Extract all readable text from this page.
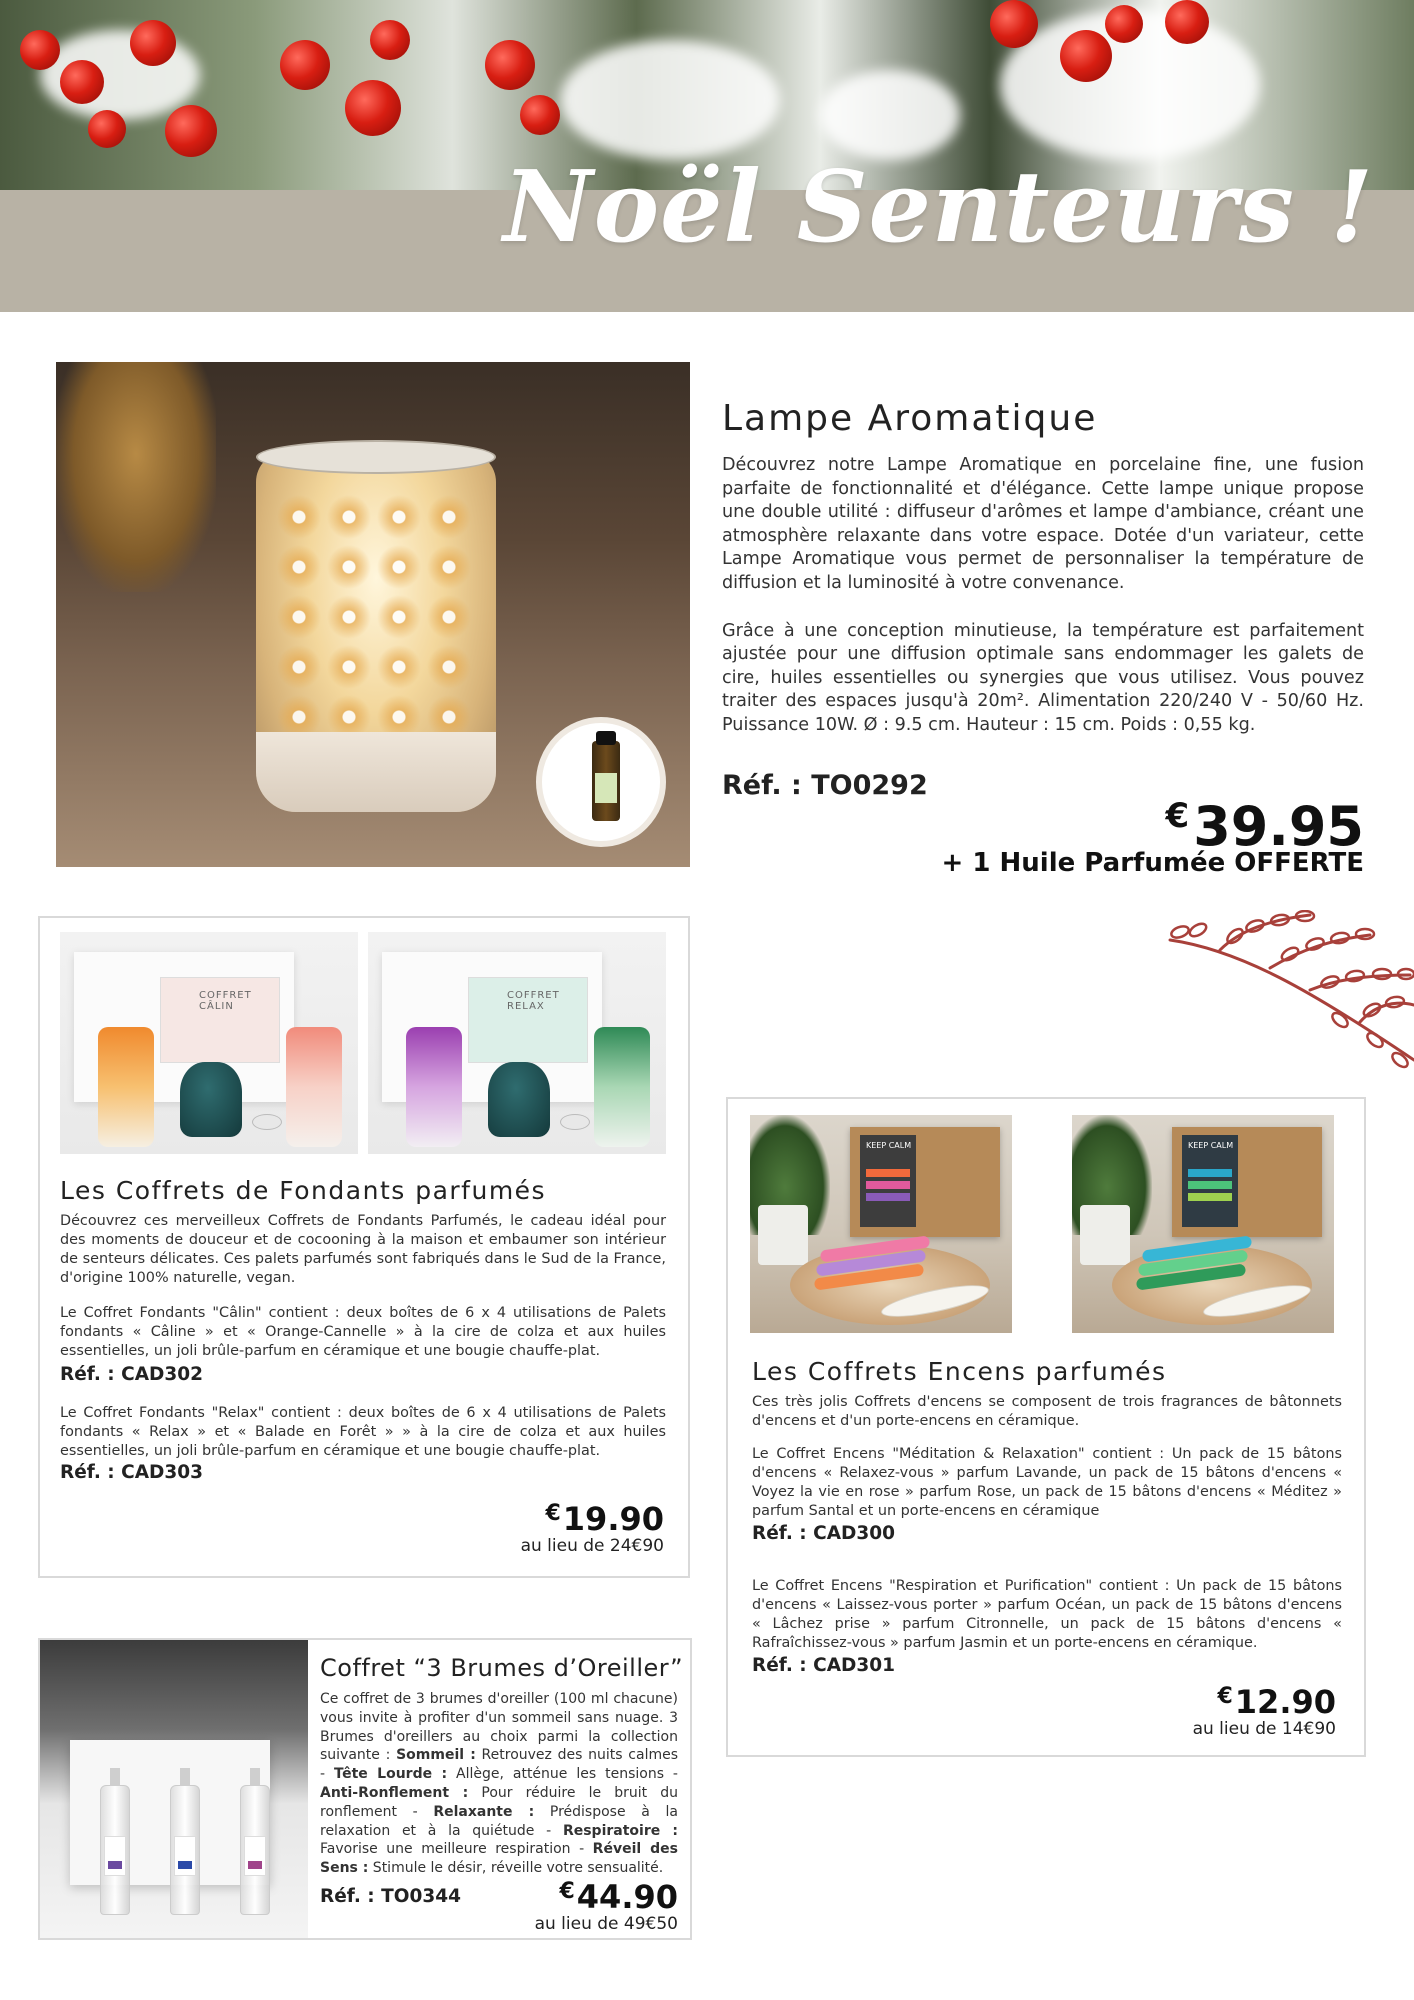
Noël Senteurs !
Lampe Aromatique

Découvrez notre Lampe Aromatique en porcelaine fine, une fusion parfaite de fonctionnalité et d'élégance. Cette lampe unique propose une double utilité : diffuseur d'arômes et lampe d'ambiance, créant une atmosphère relaxante dans votre espace. Dotée d'un variateur, cette Lampe Aromatique vous permet de personnaliser la température de diffusion et la luminosité à votre convenance.

Grâce à une conception minutieuse, la température est parfaitement ajustée pour une diffusion optimale sans endommager les galets de cire, huiles essentielles ou synergies que vous utilisez. Vous pouvez traiter des espaces jusqu'à 20m². Alimentation 220/240 V - 50/60 Hz. Puissance 10W. Ø : 9.5 cm. Hauteur : 15 cm. Poids : 0,55 kg.

Réf. : TO0292
€39.95
+ 1 Huile Parfumée OFFERTE
COFFRET CÂLIN
COFFRET RELAX
Les Coffrets de Fondants parfumés
Découvrez ces merveilleux Coffrets de Fondants Parfumés, le cadeau idéal pour des moments de douceur et de cocooning à la maison et embaumer son intérieur de senteurs délicates. Ces palets parfumés sont fabriqués dans le Sud de la France, d'origine 100% naturelle, vegan.
Le Coffret Fondants "Câlin" contient : deux boîtes de 6 x 4 utilisations de Palets fondants « Câline » et « Orange-Cannelle » à la cire de colza et aux huiles essentielles, un joli brûle-parfum en céramique et une bougie chauffe-plat.
Réf. : CAD302
Le Coffret Fondants "Relax" contient : deux boîtes de 6 x 4 utilisations de Palets fondants « Relax » et « Balade en Forêt » » à la cire de colza et aux huiles essentielles, un joli brûle-parfum en céramique et une bougie chauffe-plat.
Réf. : CAD303
€19.90
au lieu de 24€90
Coffret “3 Brumes d’Oreiller”
Ce coffret de 3 brumes d'oreiller (100 ml chacune) vous invite à profiter d'un sommeil sans nuage. 3 Brumes d'oreillers au choix parmi la collection suivante : Sommeil : Retrouvez des nuits calmes - Tête Lourde : Allège, atténue les tensions - Anti-Ronflement : Pour réduire le bruit du ronflement - Relaxante : Prédispose à la relaxation et à la quiétude - Respiratoire : Favorise une meilleure respiration - Réveil des Sens : Stimule le désir, réveille votre sensualité.
Réf. : TO0344	€44.90
au lieu de 49€50
KEEP CALM	KEEP CALM
Les Coffrets Encens parfumés
Ces très jolis Coffrets d'encens se composent de trois fragrances de bâtonnets d'encens et d'un porte-encens en céramique.
Le Coffret Encens "Méditation & Relaxation" contient : Un pack de 15 bâtons d'encens « Relaxez-vous » parfum Lavande, un pack de 15 bâtons d'encens « Voyez la vie en rose » parfum Rose, un pack de 15 bâtons d'encens « Méditez » parfum Santal et un porte-encens en céramique
Réf. : CAD300
Le Coffret Encens "Respiration et Purification" contient : Un pack de 15 bâtons d'encens « Laissez-vous porter » parfum Océan, un pack de 15 bâtons d'encens « Lâchez prise » parfum Citronnelle, un pack de 15 bâtons d'encens « Rafraîchissez-vous » parfum Jasmin et un porte-encens en céramique.
Réf. : CAD301
€12.90
au lieu de 14€90
